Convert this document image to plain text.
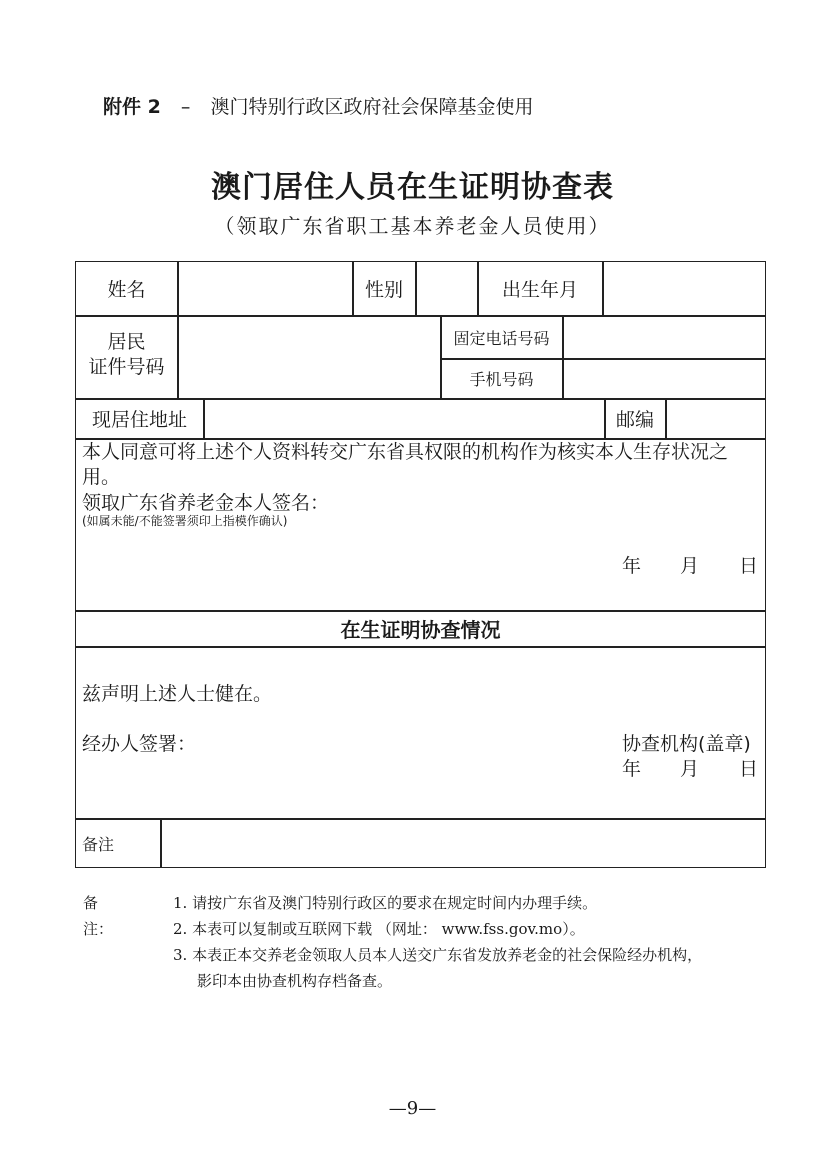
附件 2 – 澳门特别行政区政府社会保障基金使用
澳门居住人员在生证明协查表
（领取广东省职工基本养老金人员使用）
姓名	性别	出生年月
居民
证件号码
固定电话号码
手机号码
现居住地址	邮编
本人同意可将上述个人资料转交广东省具权限的机构作为核实本人生存状况之
用。
领取广东省养老金本人签名：
(如属未能/不能签署须印上指模作确认)
年 月 日
在生证明协查情况
兹声明上述人士健在。
经办人签署：	协查机构(盖章)
年 月 日
备注
备注：
1. 请按广东省及澳门特别行政区的要求在规定时间内办理手续。
2. 本表可以复制或互联网下载 （网址： www.fss.gov.mo）。
3. 本表正本交养老金领取人员本人送交广东省发放养老金的社会保险经办机构，
影印本由协查机构存档备查。
—9—
